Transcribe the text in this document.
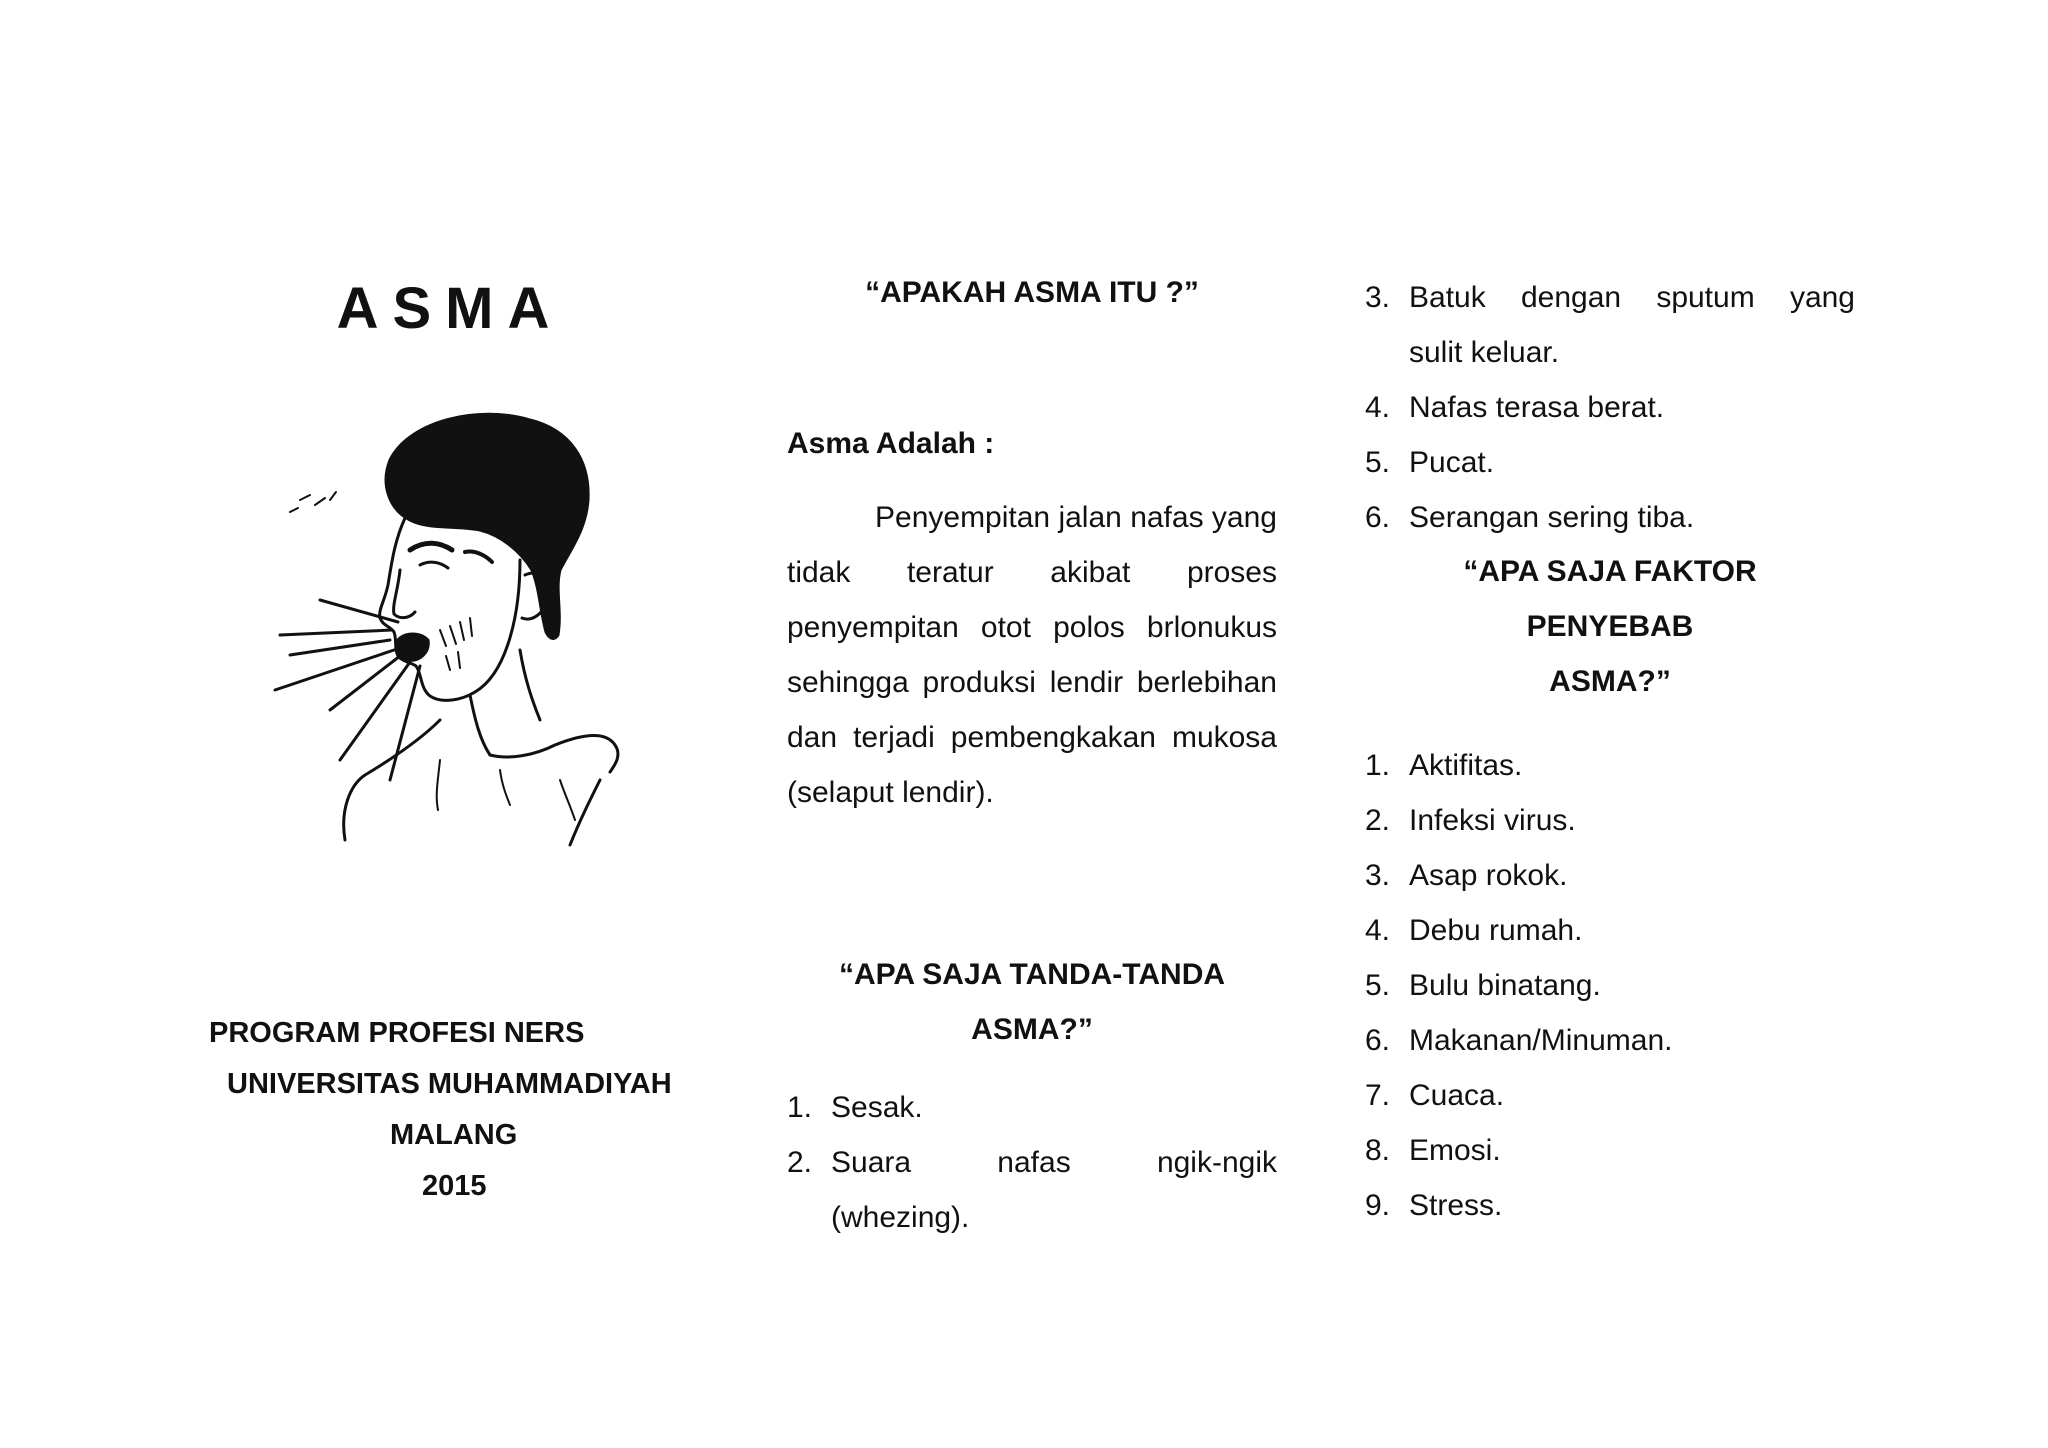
ASMA
PROGRAM PROFESI NERS
UNIVERSITAS MUHAMMADIYAH
MALANG
2015
“APAKAH ASMA ITU ?”
Asma Adalah :
Penyempitan jalan nafas yang tidak teratur akibat proses penyempitan otot polos brlonukus sehingga produksi lendir berlebihan dan terjadi pembengkakan mukosa (selaput lendir).
“APA SAJA TANDA-TANDA
ASMA?”
1. Sesak.
2. Suara nafas ngik-ngik
(whezing).
3. Batuk dengan sputum yang
sulit keluar.
4. Nafas terasa berat.
5. Pucat.
6. Serangan sering tiba.
“APA SAJA FAKTOR
PENYEBAB
ASMA?”
1. Aktifitas.
2. Infeksi virus.
3. Asap rokok.
4. Debu rumah.
5. Bulu binatang.
6. Makanan/Minuman.
7. Cuaca.
8. Emosi.
9. Stress.
